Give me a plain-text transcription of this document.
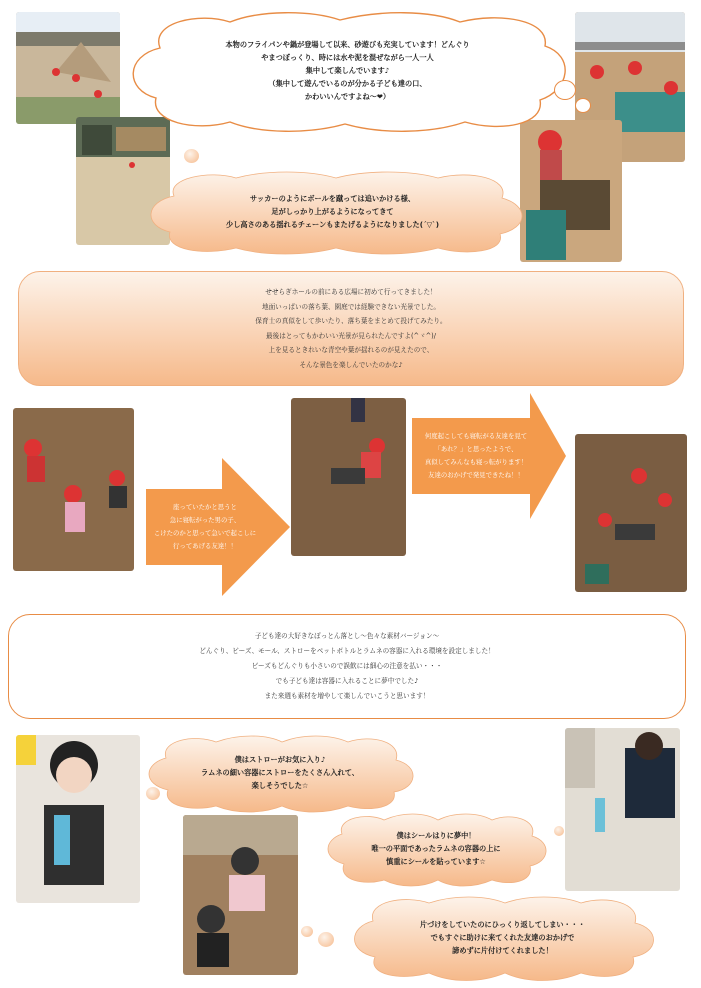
本物のフライパンや鍋が登場して以来、砂遊びも充実しています！どんぐり
やまつぼっくり、時には水や泥を混ぜながら一人一人
集中して楽しんでいます♪
（集中して遊んでいるのが分かる子ども達の口、
かわいいんですよね～❤）
サッカーのようにボールを蹴っては追いかける様、
足がしっかり上がるようになってきて
少し高さのある揺れるチェーンもまたげるようになりました(´▽`)
せせらぎホールの前にある広場に初めて行ってきました！
地面いっぱいの落ち葉、園庭では経験できない光景でした。
保育士の真似をして歩いたり、落ち葉をまとめて投げてみたり。
最後はとってもかわいい光景が見られたんですよ(^ヾ^)/
上を見るときれいな青空や葉が揺れるのが見えたので、
そんな景色を楽しんでいたのかな♪
座っていたかと思うと
急に寝転がった男の子、
こけたのかと思って急いで起こしに
行ってあげる友達！！
何度起こしても寝転がる友達を見て
「あれ？」と思ったようで、
真似してみんなも寝っ転がります！
友達のおかげで発見できたね！！
子ども達の大好きなぽっとん落とし～色々な素材バージョン～
どんぐり、ビーズ、モール、ストローをペットボトルとラムネの容器に入れる環境を設定しました！
ビーズもどんぐりも小さいので誤飲には細心の注意を払い・・・
でも子ども達は容器に入れることに夢中でした♪
また来週も素材を増やして楽しんでいこうと思います！
僕はストローがお気に入り♪
ラムネの細い容器にストローをたくさん入れて、
楽しそうでした☆
僕はシールはりに夢中！
唯一の平面であったラムネの容器の上に
慎重にシールを貼っています☆
片づけをしていたのにひっくり返してしまい・・・
でもすぐに助けに来てくれた友達のおかげで
諦めずに片付けてくれました！
